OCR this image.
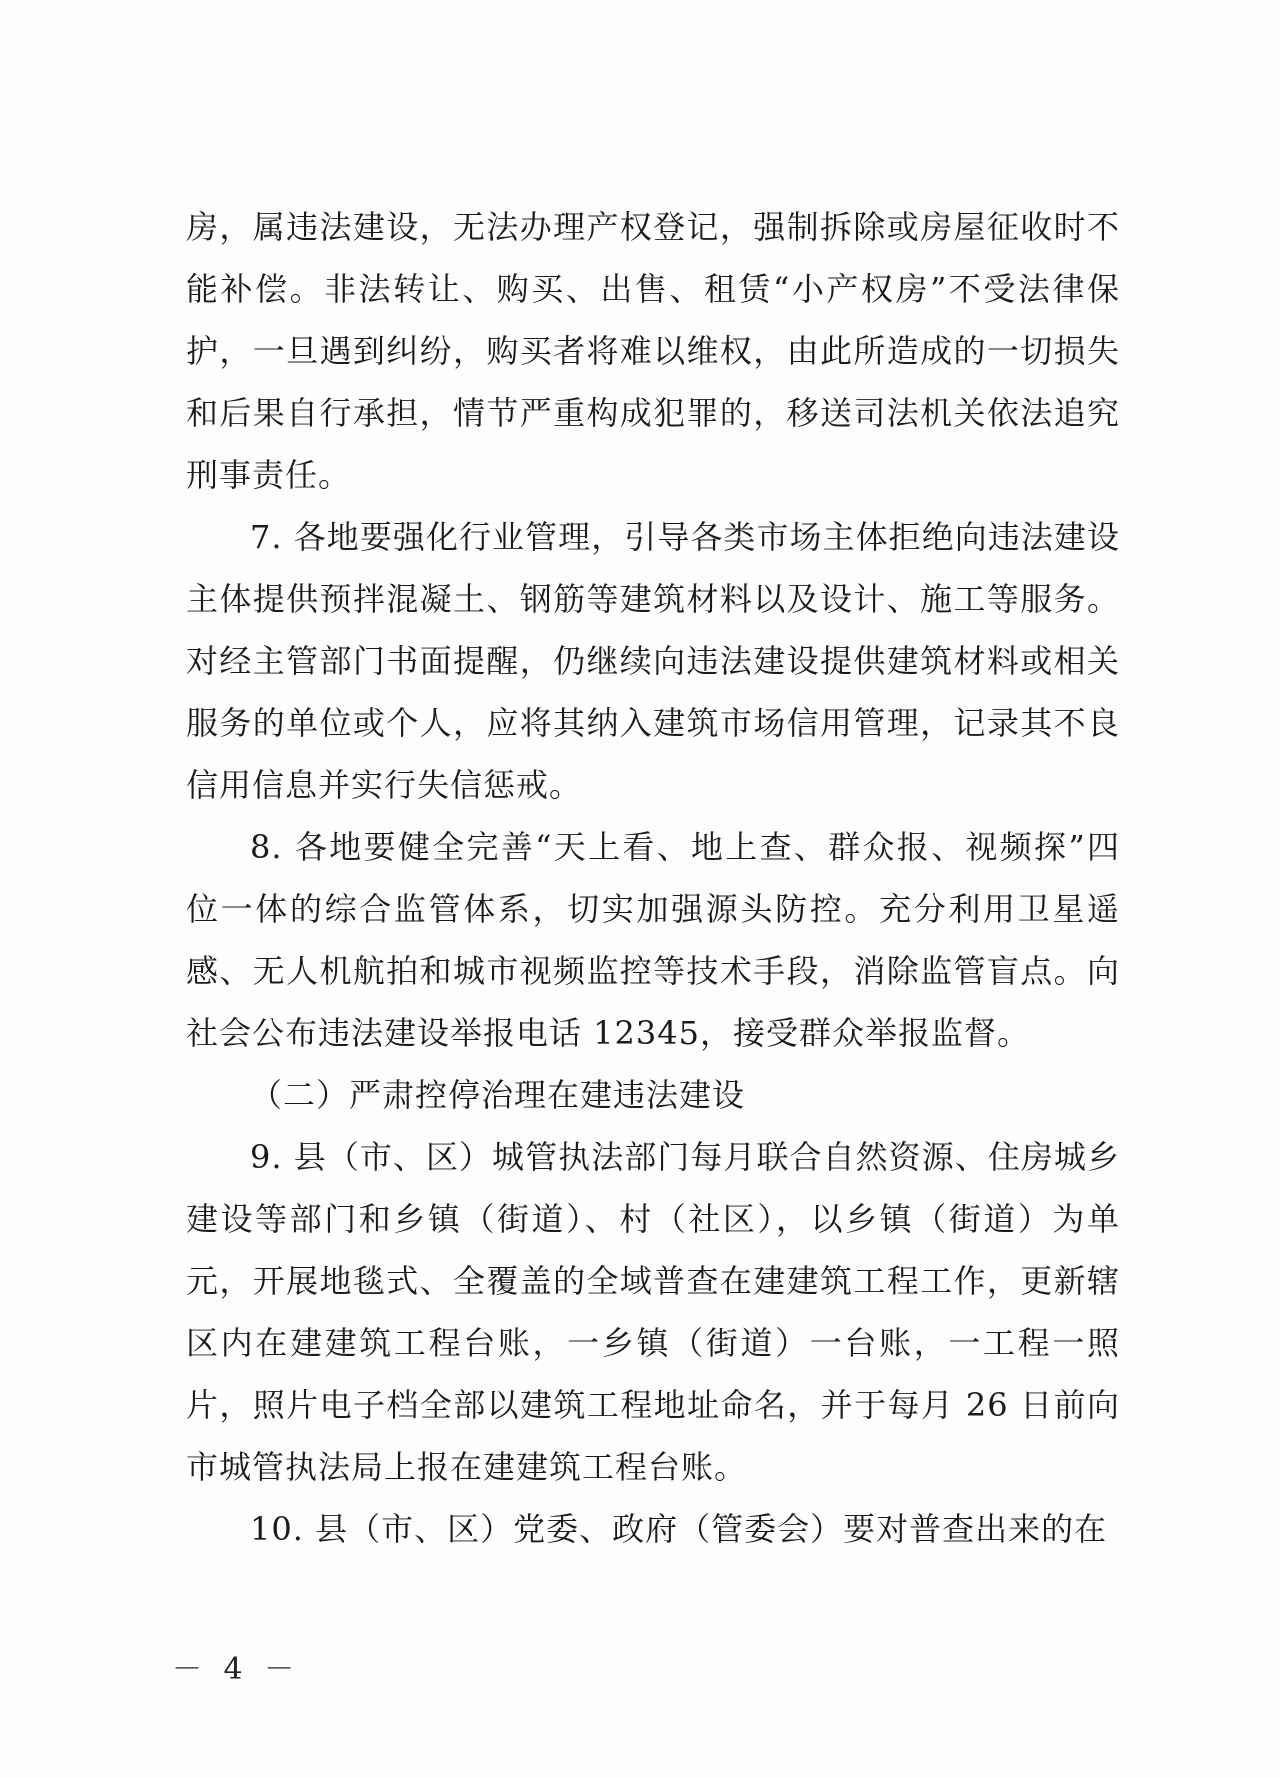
房，属违法建设，无法办理产权登记，强制拆除或房屋征收时不能补偿。非法转让、购买、出售、租赁“小产权房”不受法律保护，一旦遇到纠纷，购买者将难以维权，由此所造成的一切损失和后果自行承担，情节严重构成犯罪的，移送司法机关依法追究刑事责任。

7. 各地要强化行业管理，引导各类市场主体拒绝向违法建设主体提供预拌混凝土、钢筋等建筑材料以及设计、施工等服务。对经主管部门书面提醒，仍继续向违法建设提供建筑材料或相关服务的单位或个人，应将其纳入建筑市场信用管理，记录其不良信用信息并实行失信惩戒。

8. 各地要健全完善“天上看、地上查、群众报、视频探”四位一体的综合监管体系，切实加强源头防控。充分利用卫星遥感、无人机航拍和城市视频监控等技术手段，消除监管盲点。向社会公布违法建设举报电话 12345，接受群众举报监督。

（二）严肃控停治理在建违法建设

9. 县（市、区）城管执法部门每月联合自然资源、住房城乡建设等部门和乡镇（街道）、村（社区），以乡镇（街道）为单元，开展地毯式、全覆盖的全域普查在建建筑工程工作，更新辖区内在建建筑工程台账，一乡镇（街道）一台账，一工程一照片，照片电子档全部以建筑工程地址命名，并于每月 26 日前向市城管执法局上报在建建筑工程台账。

10. 县（市、区）党委、政府（管委会）要对普查出来的在

－ 4 －
